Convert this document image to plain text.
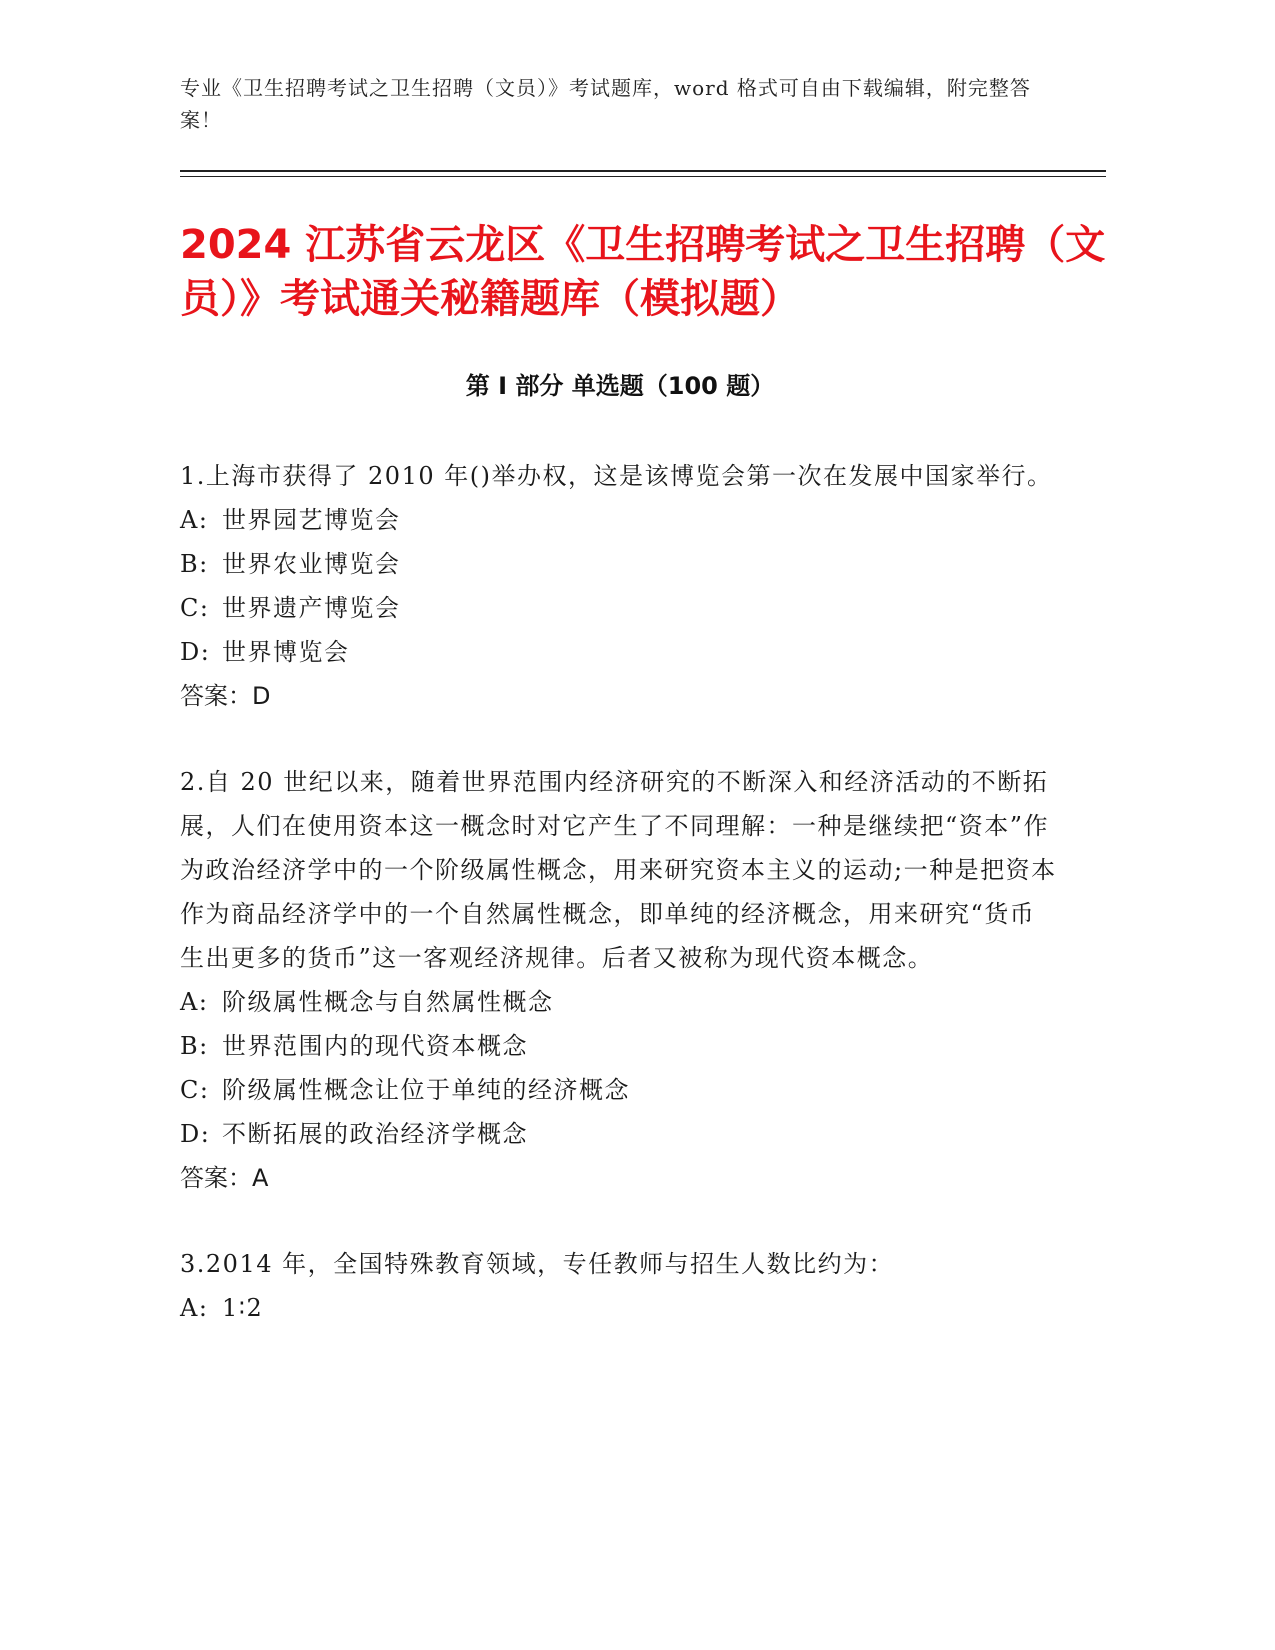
专业《卫生招聘考试之卫生招聘（文员）》考试题库，word 格式可自由下载编辑，附完整答案！
2024 江苏省云龙区《卫生招聘考试之卫生招聘（文员）》考试通关秘籍题库（模拟题）
第 I 部分 单选题（100 题）

1.上海市获得了 2010 年()举办权，这是该博览会第一次在发展中国家举行。

A: 世界园艺博览会
B: 世界农业博览会
C: 世界遗产博览会
D: 世界博览会

答案：D

2.自 20 世纪以来，随着世界范围内经济研究的不断深入和经济活动的不断拓展，人们在使用资本这一概念时对它产生了不同理解：一种是继续把“资本”作为政治经济学中的一个阶级属性概念，用来研究资本主义的运动;一种是把资本作为商品经济学中的一个自然属性概念，即单纯的经济概念，用来研究“货币生出更多的货币”这一客观经济规律。后者又被称为现代资本概念。

A: 阶级属性概念与自然属性概念
B: 世界范围内的现代资本概念
C: 阶级属性概念让位于单纯的经济概念
D: 不断拓展的政治经济学概念

答案：A

3.2014 年，全国特殊教育领域，专任教师与招生人数比约为：

A: 1∶2
